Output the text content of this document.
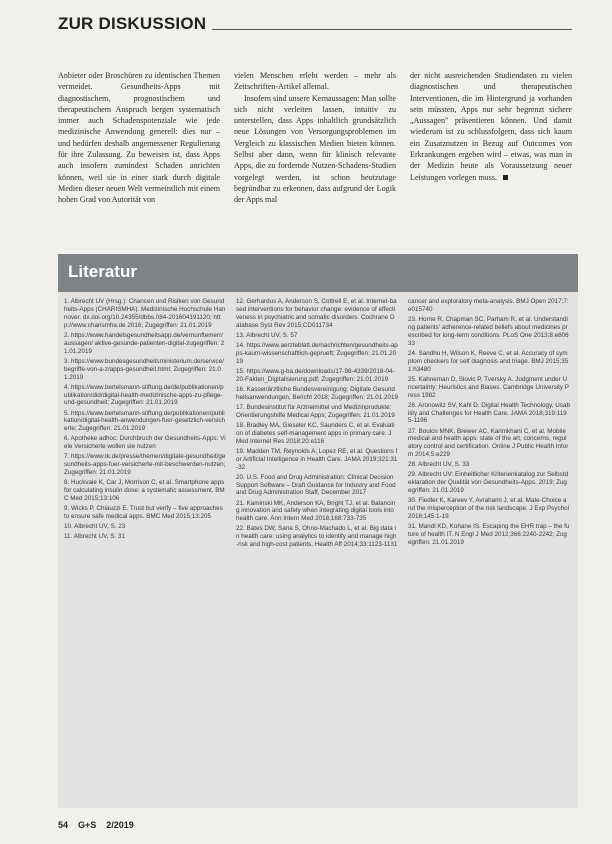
ZUR DISKUSSION

Anbieter oder Broschüren zu identischen Themen vermeidet. Gesundheits-Apps mit diagnostischem, prognostischem und therapeutischem Anspruch bergen systematisch immer auch Schadenspotenziale wie jede medizinische Anwendung generell: dies nur – und bedürfen deshalb angemessener Regulierung für ihre Zulassung. Zu beweisen ist, dass Apps auch insofern zumindest Schaden anrichten können, weil sie in einer stark durch digitale Medien dieser neuen Welt vermeintlich mit einem hohen Grad von Autorität von

vielen Menschen erlebt werden – mehr als Zeitschriften-Artikel allemal.

Insofern sind unsere Kernaussagen: Man sollte sich nicht verleiten lassen, intuitiv zu unterstellen, dass Apps inhaltlich grundsätzlich neue Lösungen von Versorgungsproblemen im Vergleich zu klassischen Medien bieten können. Selbst aber dann, wenn für klinisch relevante Apps, die zu fordernde Nutzen-Schadens-Studien vorgelegt werden, ist schon heutzutage begründbar zu erkennen, dass aufgrund der Logik der Apps mal

der nicht ausreichenden Studiendaten zu vielen diagnostischen und therapeutischen Interventionen, die im Hintergrund ja vorhanden sein müssten, Apps nur sehr begrenzt sichere „Aussagen" präsentieren können. Und damit wiederum ist zu schlussfolgern, dass sich kaum ein Zusatznutzen in Bezug auf Outcomes von Erkrankungen ergeben wird – etwas, was man in der Medizin heute als Voraussetzung neuer Leistungen vorlegen muss.

Literatur
1. Albrecht UV (Hrsg.): Chancen und Risiken von Gesundheits-Apps (CHARISMHA). Medizinische Hochschule Hannover. dx.doi.org/10.24355/dbbs.084-201604191120; http://www.charismha.de 2016; Zugegriffen: 21.01.2019
2. https://www.handelsgesundheitsapp.de/vernunftemerr/aussagen/ aktive-gesunde-patienten-digital-zugegriffen: 21.01.2019
3. https://www.bundesgesundheitsministerium.de/service/begriffe-von-a-z/apps-gesundheit.html; Zugegriffen: 21.01.2019
4. https://www.bertelsmann-stiftung.de/de/publikationen/publikation/did/digital-health-medizinische-apps-zu-pflege-und-gesundheit; Zugegriffen: 21.01.2019
5. https://www.bertelsmann-stiftung.de/publikationen/publikation/digital-health-anwendungen-fuer-gesetzlich-versicherte; Zugegriffen: 21.01.2019
6. Apotheke adhoc: Durchbruch der Gesundheits-Apps: Viele Versicherte wollen sie nutzen
7. https://www.tk.de/presse/themen/digitale-gesundheit/gesundheits-apps-fuer-versicherte-mit-beschwerden-nutzen; Zugegriffen: 21.01.2019
8. Huckvale K, Car J, Morrison C, et al. Smartphone apps for calculating insulin dose: a systematic assessment. BMC Med 2015;13:106
9. Wicks P, Chiauzzi E. Trust but verify – five approaches to ensure safe medical apps. BMC Med 2015;13:205
10. Albrecht UV, S. 23
11. Albrecht UV, S. 31
12. Gerhardus A, Anderson S, Cottrell E, et al. Internet-based interventions for behavior change: evidence of effectiveness in psychiatric and somatic disorders. Cochrane Database Syst Rev 2015;CD011734
13. Albrecht UV, S. 57
14. https://www.aerzteblatt.de/nachrichten/gesundheits-apps-kaum-wissenschaftlich-geprueft; Zugegriffen: 21.01.2019
15. https://www.g-ba.de/downloads/17-98-4339/2018-04-20-Fakten_Digitalisierung.pdf; Zugegriffen: 21.01.2019
16. Kassenärztliche Bundesvereinigung: Digitale Gesundheitsanwendungen, Bericht 2018; Zugegriffen: 21.01.2019
17. Bundesinstitut für Arzneimittel und Medizinprodukte: Orientierungshilfe Medical Apps; Zugegriffen: 21.01.2019
18. Bradley MA, Gieseler KC, Saunders C, et al. Evaluation of diabetes self-management apps in primary care. J Med Internet Res 2018;20:e116
19. Madden TM, Reynolds A, Lopez RE, et al. Questions for Artificial Intelligence in Health Care. JAMA 2019;321:31-32
20. U.S. Food and Drug Administration: Clinical Decision Support Software – Draft Guidance for Industry and Food and Drug Administration Staff, December 2017
21. Kaminski MK, Anderson KA, Bright TJ, et al. Balancing innovation and safety when integrating digital tools into health care. Ann Intern Med 2018;168:733-735
22. Bates DW, Saria S, Ohno-Machado L, et al. Big data in health care: using analytics to identify and manage high-risk and high-cost patients. Health Aff 2014;33:1123-1131
cancer and exploratory meta-analysis. BMJ Open 2017;7:e015740
23. Horne R, Chapman SC, Parham R, et al. Understanding patients' adherence-related beliefs about medicines prescribed for long-term conditions. PLoS One 2013;8:e80633
24. Sandhu H, Wilson K, Reeve C, et al. Accuracy of symptom checkers for self diagnosis and triage. BMJ 2015;351:h3480
25. Kahneman D, Slovic P, Tversky A. Judgment under Uncertainty: Heuristics and Biases. Cambridge University Press 1982
26. Aronowitz SV, Kahl D. Digital Health Technology, Usability and Challenges for Health Care. JAMA 2018;319:1195-1196
27. Boulos MNK, Brewer AC, Karimkhani C, et al. Mobile medical and health apps: state of the art, concerns, regulatory control and certification. Online J Public Health Inform 2014;5:e229
28. Albrecht UV, S. 33
29. Albrecht UV: Einheitlicher Kriterienkatalog zur Selbstdeklaration der Qualität von Gesundheits-Apps. 2019; Zugegriffen: 21.01.2019
30. Fiedler K, Kareev Y, Avrahami J, et al. Mate-Choice and the misperception of the risk landscape. J Exp Psychol 2016;145:1-19
31. Mandl KD, Kohane IS. Escaping the EHR trap – the future of health IT. N Engl J Med 2012;366:2240-2242; Zugegriffen: 21.01.2019
54 G+S 2/2019
